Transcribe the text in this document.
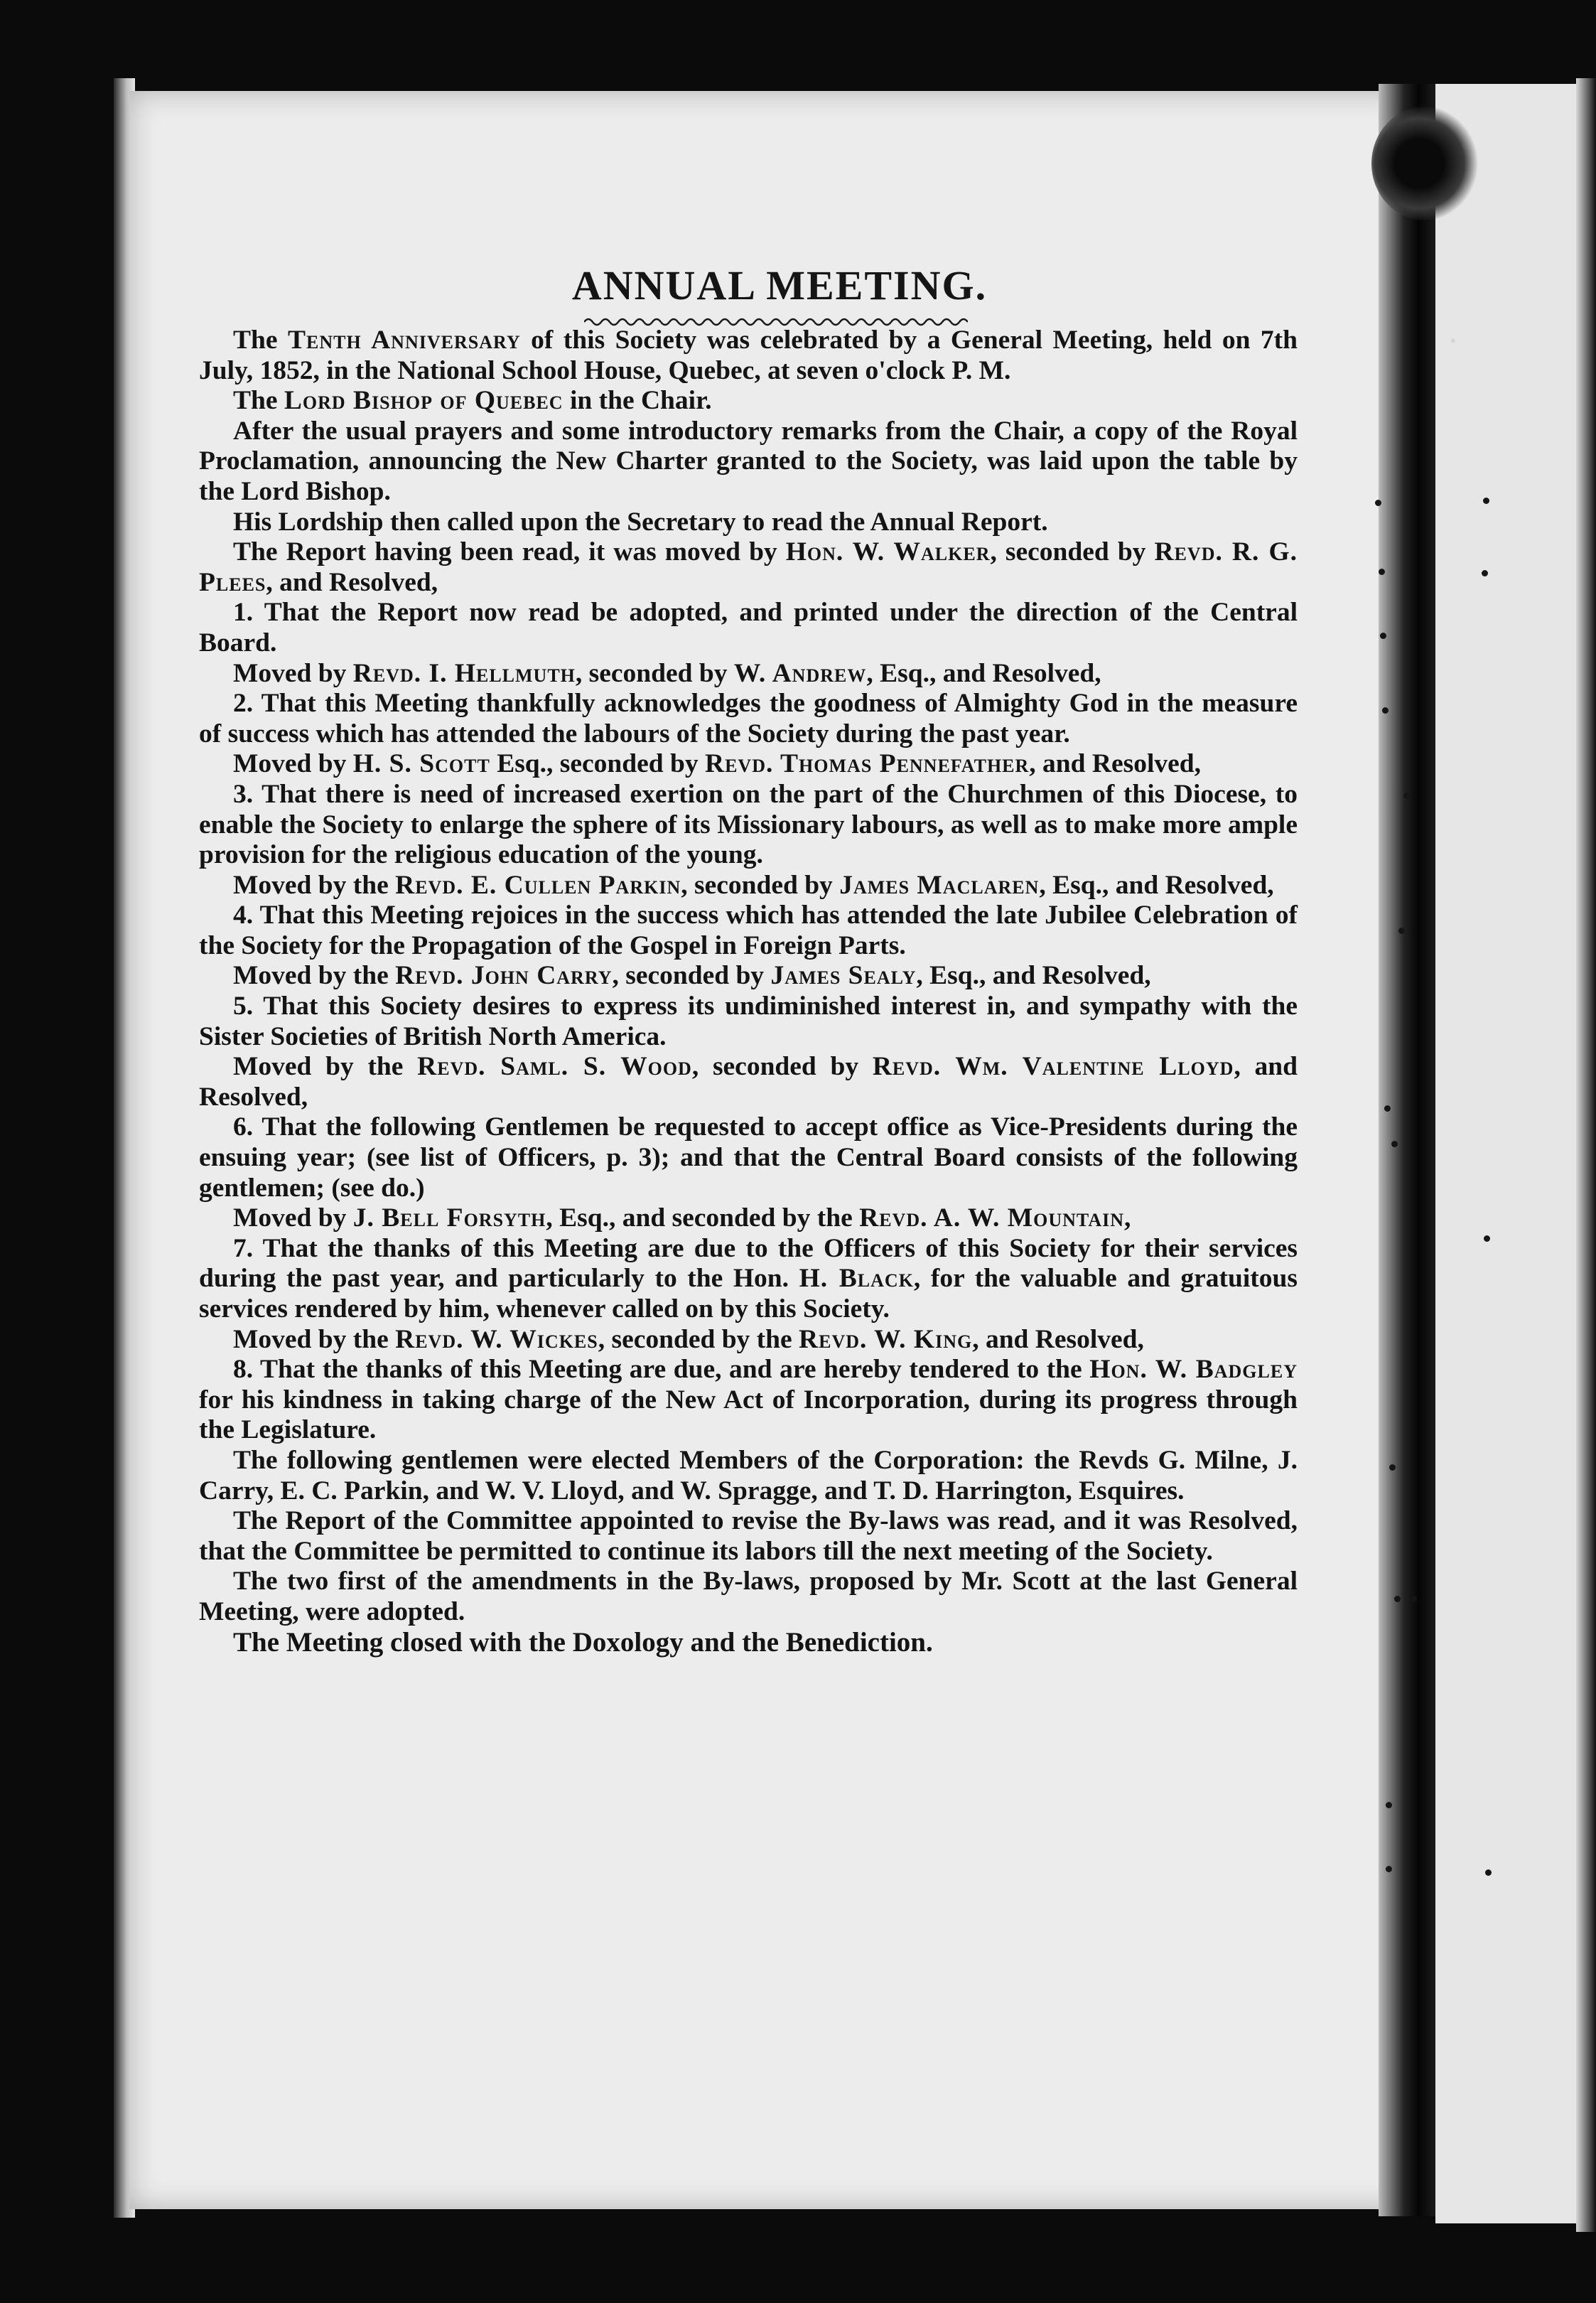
.
ANNUAL MEETING.

The Tenth Anniversary of this Society was celebrated by a General Meeting, held on 7th July, 1852, in the National School House, Quebec, at seven o'clock P. M.

The Lord Bishop of Quebec in the Chair.

After the usual prayers and some introductory remarks from the Chair, a copy of the Royal Proclamation, announcing the New Charter granted to the Society, was laid upon the table by the Lord Bishop.

His Lordship then called upon the Secretary to read the Annual Report.

The Report having been read, it was moved by Hon. W. Walker, seconded by Revd. R. G. Plees, and Resolved,

1. That the Report now read be adopted, and printed under the direction of the Central Board.

Moved by Revd. I. Hellmuth, seconded by W. Andrew, Esq., and Resolved,

2. That this Meeting thankfully acknowledges the goodness of Almighty God in the measure of success which has attended the labours of the Society during the past year.

Moved by H. S. Scott Esq., seconded by Revd. Thomas Pennefather, and Resolved,

3. That there is need of increased exertion on the part of the Churchmen of this Diocese, to enable the Society to enlarge the sphere of its Missionary labours, as well as to make more ample provision for the religious education of the young.

Moved by the Revd. E. Cullen Parkin, seconded by James Maclaren, Esq., and Resolved,

4. That this Meeting rejoices in the success which has attended the late Jubilee Celebration of the Society for the Propagation of the Gospel in Foreign Parts.

Moved by the Revd. John Carry, seconded by James Sealy, Esq., and Resolved,

5. That this Society desires to express its undiminished interest in, and sympathy with the Sister Societies of British North America.

Moved by the Revd. Saml. S. Wood, seconded by Revd. Wm. Valentine Lloyd, and Resolved,

6. That the following Gentlemen be requested to accept office as Vice-Presidents during the ensuing year; (see list of Officers, p. 3); and that the Central Board consists of the following gentlemen; (see do.)

Moved by J. Bell Forsyth, Esq., and seconded by the Revd. A. W. Mountain,

7. That the thanks of this Meeting are due to the Officers of this Society for their services during the past year, and particularly to the Hon. H. Black, for the valuable and gratuitous services rendered by him, whenever called on by this Society.

Moved by the Revd. W. Wickes, seconded by the Revd. W. King, and Resolved,

8. That the thanks of this Meeting are due, and are hereby tendered to the Hon. W. Badgley for his kindness in taking charge of the New Act of Incorporation, during its progress through the Legislature.

The following gentlemen were elected Members of the Corporation: the Revds G. Milne, J. Carry, E. C. Parkin, and W. V. Lloyd, and W. Spragge, and T. D. Harrington, Esquires.

The Report of the Committee appointed to revise the By-laws was read, and it was Resolved, that the Committee be permitted to continue its labors till the next meeting of the Society.

The two first of the amendments in the By-laws, proposed by Mr. Scott at the last General Meeting, were adopted.

The Meeting closed with the Doxology and the Benediction.
